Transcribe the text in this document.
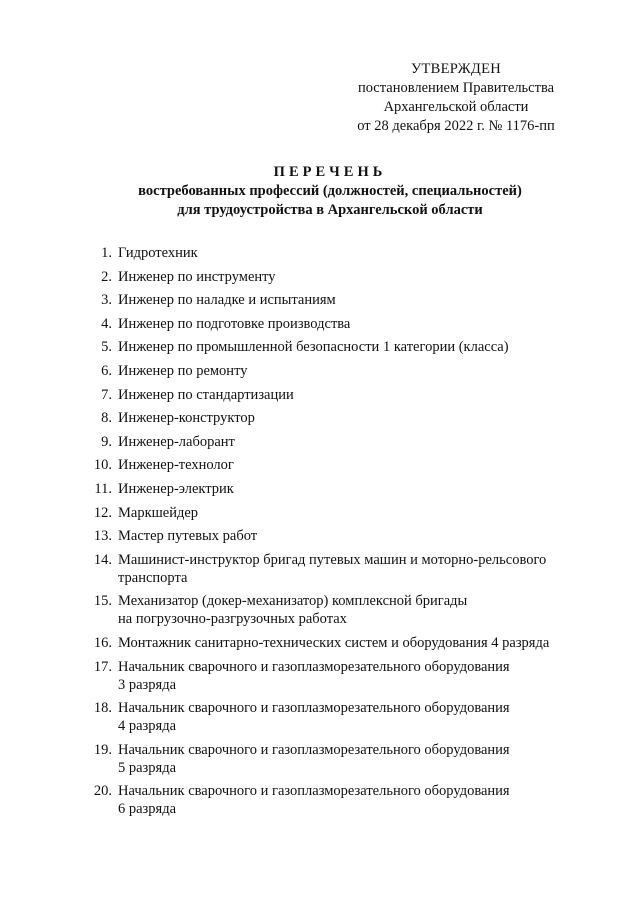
УТВЕРЖДЕН
постановлением Правительства
Архангельской области
от 28 декабря 2022 г. № 1176-пп
ПЕРЕЧЕНЬ
востребованных профессий (должностей, специальностей)
для трудоустройства в Архангельской области
1. Гидротехник
2. Инженер по инструменту
3. Инженер по наладке и испытаниям
4. Инженер по подготовке производства
5. Инженер по промышленной безопасности 1 категории (класса)
6. Инженер по ремонту
7. Инженер по стандартизации
8. Инженер-конструктор
9. Инженер-лаборант
10. Инженер-технолог
11. Инженер-электрик
12. Маркшейдер
13. Мастер путевых работ
14. Машинист-инструктор бригад путевых машин и моторно-рельсового
транспорта
15. Механизатор (докер-механизатор) комплексной бригады
на погрузочно-разгрузочных работах
16. Монтажник санитарно-технических систем и оборудования 4 разряда
17. Начальник сварочного и газоплазморезательного оборудования
3 разряда
18. Начальник сварочного и газоплазморезательного оборудования
4 разряда
19. Начальник сварочного и газоплазморезательного оборудования
5 разряда
20. Начальник сварочного и газоплазморезательного оборудования
6 разряда
